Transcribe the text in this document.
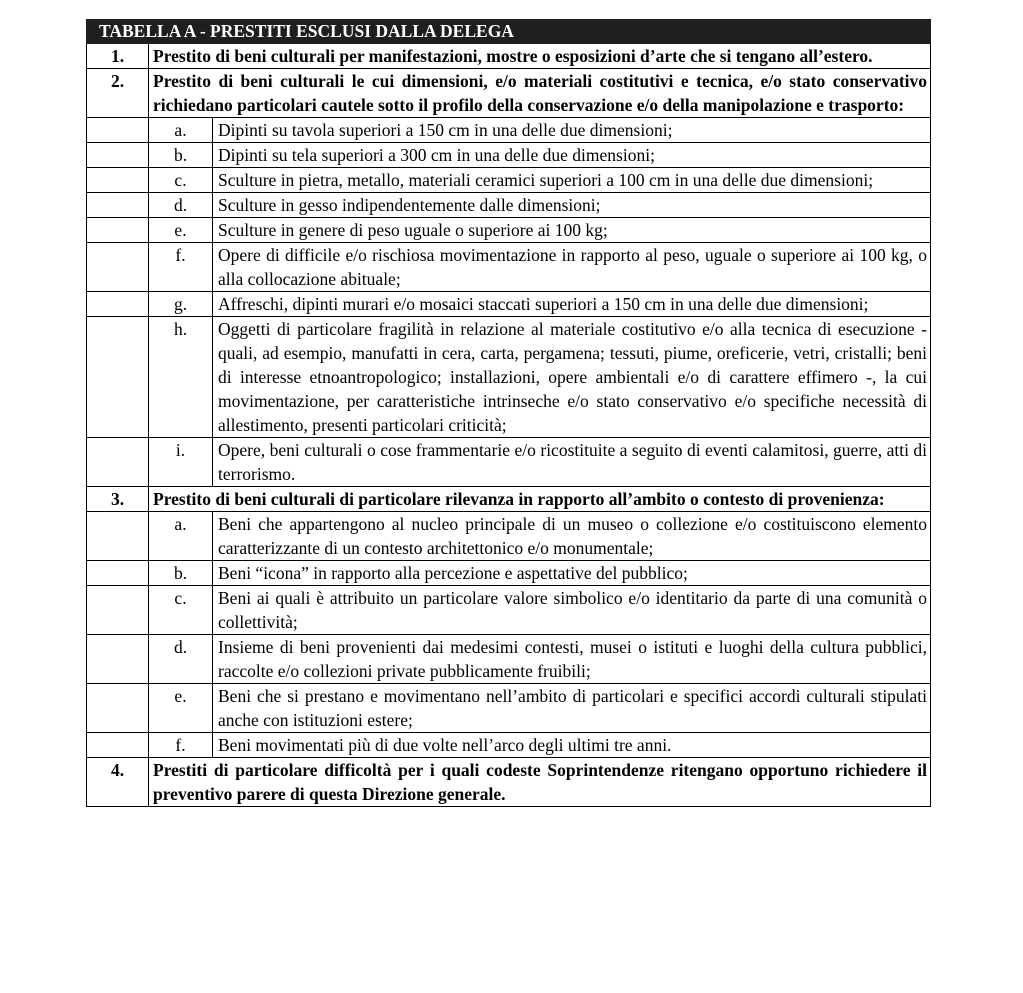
TABELLA A - PRESTITI ESCLUSI DALLA DELEGA		
1.	Prestito di beni culturali per manifestazioni, mostre o esposizioni d’arte che si tengano all’estero.	
2.	Prestito di beni culturali le cui dimensioni, e/o materiali costitutivi e tecnica, e/o stato conservativo richiedano particolari cautele sotto il profilo della conservazione e/o della manipolazione e trasporto:	
	a.	Dipinti su tavola superiori a 150 cm in una delle due dimensioni;
	b.	Dipinti su tela superiori a 300 cm in una delle due dimensioni;
	c.	Sculture in pietra, metallo, materiali ceramici superiori a 100 cm in una delle due dimensioni;
	d.	Sculture in gesso indipendentemente dalle dimensioni;
	e.	Sculture in genere di peso uguale o superiore ai 100 kg;
	f.	Opere di difficile e/o rischiosa movimentazione in rapporto al peso, uguale o superiore ai 100 kg, o alla collocazione abituale;
	g.	Affreschi, dipinti murari e/o mosaici staccati superiori a 150 cm in una delle due dimensioni;
	h.	Oggetti di particolare fragilità in relazione al materiale costitutivo e/o alla tecnica di esecuzione - quali, ad esempio, manufatti in cera, carta, pergamena; tessuti, piume, oreficerie, vetri, cristalli; beni di interesse etnoantropologico; installazioni, opere ambientali e/o di carattere effimero -, la cui movimentazione, per caratteristiche intrinseche e/o stato conservativo e/o specifiche necessità di allestimento, presenti particolari criticità;
	i.	Opere, beni culturali o cose frammentarie e/o ricostituite a seguito di eventi calamitosi, guerre, atti di terrorismo.
3.	Prestito di beni culturali di particolare rilevanza in rapporto all’ambito o contesto di provenienza:	
	a.	Beni che appartengono al nucleo principale di un museo o collezione e/o costituiscono elemento caratterizzante di un contesto architettonico e/o monumentale;
	b.	Beni “icona” in rapporto alla percezione e aspettative del pubblico;
	c.	Beni ai quali è attribuito un particolare valore simbolico e/o identitario da parte di una comunità o collettività;
	d.	Insieme di beni provenienti dai medesimi contesti, musei o istituti e luoghi della cultura pubblici, raccolte e/o collezioni private pubblicamente fruibili;
	e.	Beni che si prestano e movimentano nell’ambito di particolari e specifici accordi culturali stipulati anche con istituzioni estere;
	f.	Beni movimentati più di due volte nell’arco degli ultimi tre anni.
4.	Prestiti di particolare difficoltà per i quali codeste Soprintendenze ritengano opportuno richiedere il preventivo parere di questa Direzione generale.	
